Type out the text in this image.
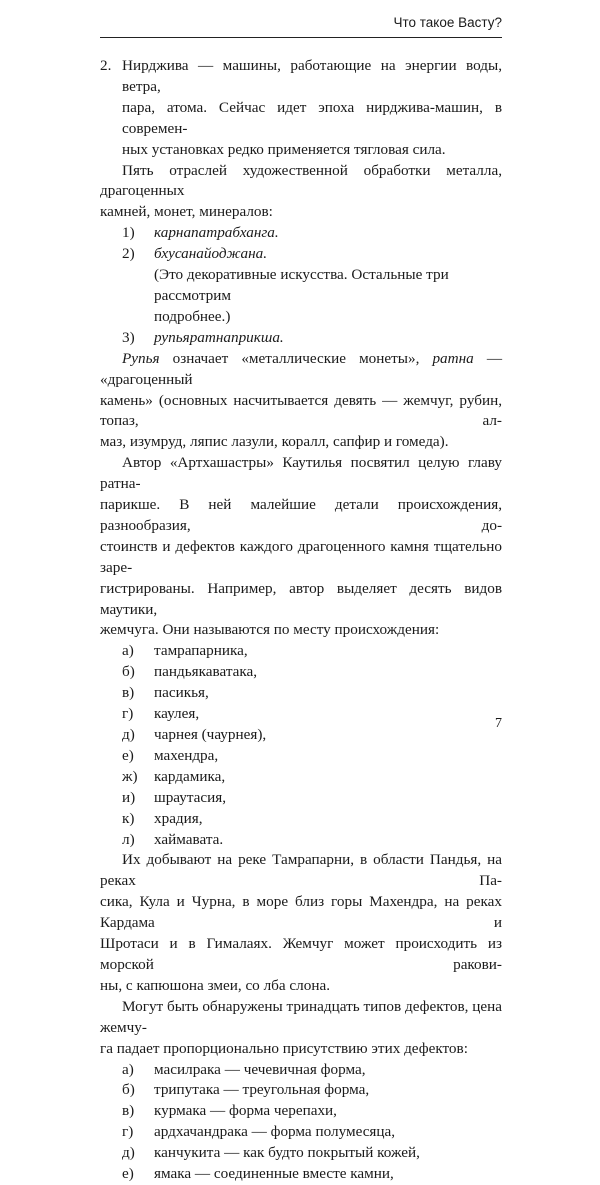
Что такое Васту?
2. Нирджива — машины, работающие на энергии воды, ветра,

пара, атома. Сейчас идет эпоха нирджива-машин, в современ-

ных установках редко применяется тягловая сила.

Пять отраслей художественной обработки металла, драгоценных

камней, монет, минералов:

1)	карнапатрабханга.
2)	бхусанайоджана.

(Это декоративные искусства. Остальные три рассмотрим

подробнее.)

3)	рупьяратнаприкша.

Рупья означает «металлические монеты», ратна — «драгоценный

камень» (основных насчитывается девять — жемчуг, рубин, топаз, ал-

маз, изумруд, ляпис лазули, коралл, сапфир и гомеда).

Автор «Артхашастры» Каутилья посвятил целую главу ратна-

парикше. В ней малейшие детали происхождения, разнообразия, до-

стоинств и дефектов каждого драгоценного камня тщательно заре-

гистрированы. Например, автор выделяет десять видов маутики,

жемчуга. Они называются по месту происхождения:

а)	тамрапарника,
б)	пандьякаватака,
в)	пасикья,
г)	каулея,
д)	чарнея (чаурнея),
е)	махендра,
ж)	кардамика,
и)	шраутасия,
к)	храдия,
л)	хаймавата.

Их добывают на реке Тамрапарни, в области Пандья, на реках Па-

сика, Кула и Чурна, в море близ горы Махендра, на реках Кардама и

Шротаси и в Гималаях. Жемчуг может происходить из морской ракови-

ны, с капюшона змеи, со лба слона.

Могут быть обнаружены тринадцать типов дефектов, цена жемчу-

га падает пропорционально присутствию этих дефектов:

а)	масилрака — чечевичная форма,
б)	трипутака — треугольная форма,
в)	курмака — форма черепахи,
г)	ардхачандрака — форма полумесяца,
д)	канчукита — как будто покрытый кожей,
е)	ямака — соединенные вместе камни,
7
